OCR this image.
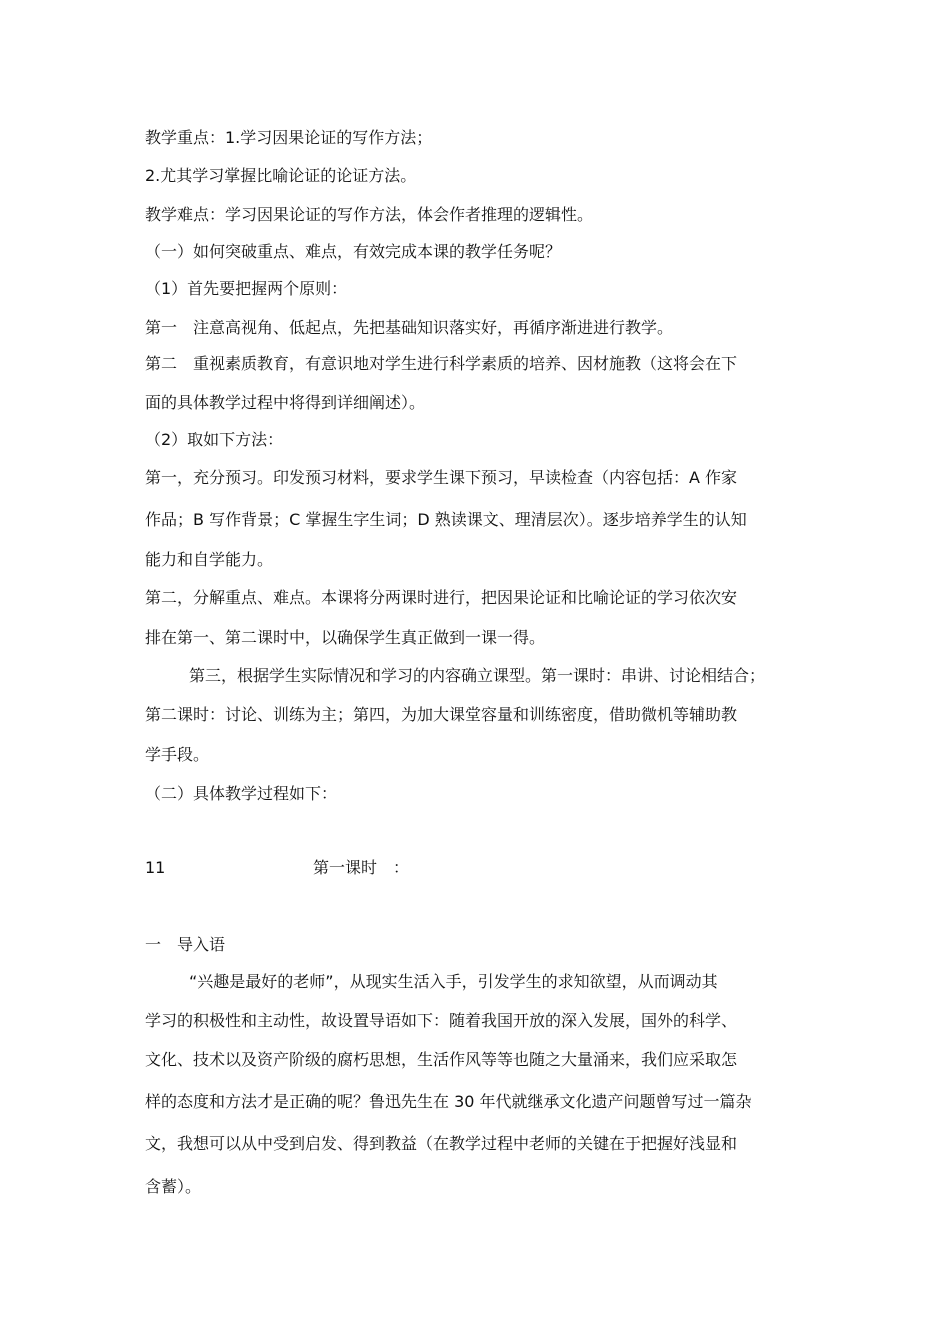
教学重点：1.学习因果论证的写作方法；
2.尤其学习掌握比喻论证的论证方法。
教学难点：学习因果论证的写作方法，体会作者推理的逻辑性。
（一）如何突破重点、难点，有效完成本课的教学任务呢？
（1）首先要把握两个原则：
第一　注意高视角、低起点，先把基础知识落实好，再循序渐进进行教学。
第二　重视素质教育，有意识地对学生进行科学素质的培养、因材施教（这将会在下
面的具体教学过程中将得到详细阐述）。
（2）取如下方法：
第一，充分预习。印发预习材料，要求学生课下预习，早读检查（内容包括：A 作家
作品；B 写作背景；C 掌握生字生词；D 熟读课文、理清层次）。逐步培养学生的认知
能力和自学能力。
第二，分解重点、难点。本课将分两课时进行，把因果论证和比喻论证的学习依次安
排在第一、第二课时中，以确保学生真正做到一课一得。
第三，根据学生实际情况和学习的内容确立课型。第一课时：串讲、讨论相结合；
第二课时：讨论、训练为主；第四，为加大课堂容量和训练密度，借助微机等辅助教
学手段。
（二）具体教学过程如下：
11	第一课时　：
一　导入语
“兴趣是最好的老师”，从现实生活入手，引发学生的求知欲望，从而调动其
学习的积极性和主动性，故设置导语如下：随着我国开放的深入发展，国外的科学、
文化、技术以及资产阶级的腐朽思想，生活作风等等也随之大量涌来，我们应采取怎
样的态度和方法才是正确的呢？鲁迅先生在 30 年代就继承文化遗产问题曾写过一篇杂
文，我想可以从中受到启发、得到教益（在教学过程中老师的关键在于把握好浅显和
含蓄）。
